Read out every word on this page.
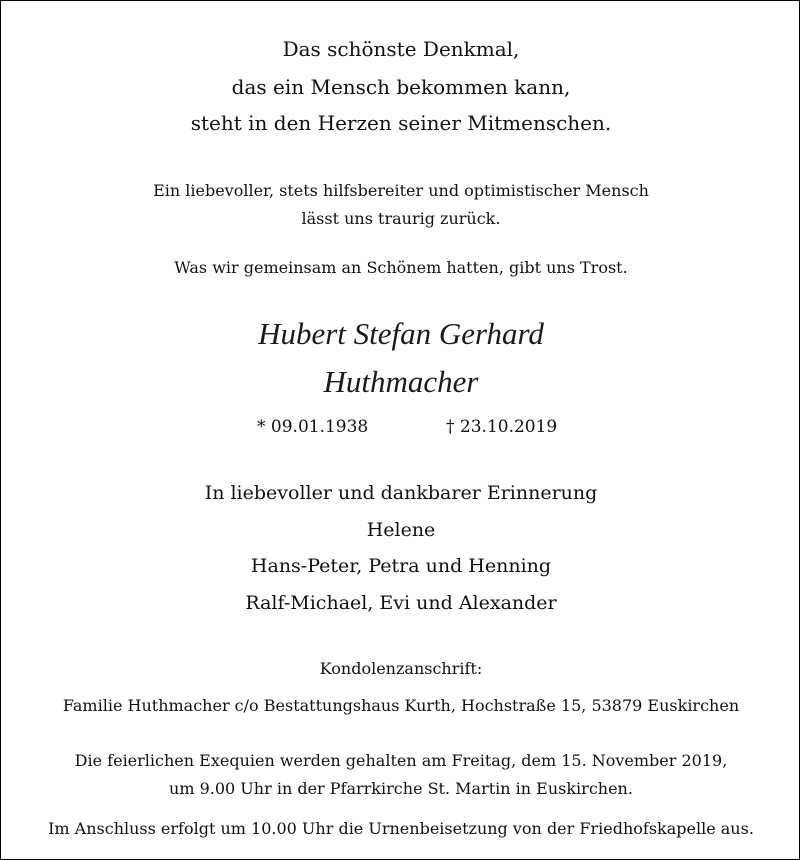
Das schönste Denkmal,
das ein Mensch bekommen kann,
steht in den Herzen seiner Mitmenschen.
Ein liebevoller, stets hilfsbereiter und optimistischer Mensch
lässt uns traurig zurück.
Was wir gemeinsam an Schönem hatten, gibt uns Trost.
Hubert Stefan Gerhard
Huthmacher
* 09.01.1938	† 23.10.2019
In liebevoller und dankbarer Erinnerung
Helene
Hans-Peter, Petra und Henning
Ralf-Michael, Evi und Alexander
Kondolenzanschrift:
Familie Huthmacher c/o Bestattungshaus Kurth, Hochstraße 15, 53879 Euskirchen
Die feierlichen Exequien werden gehalten am Freitag, dem 15. November 2019,
um 9.00 Uhr in der Pfarrkirche St. Martin in Euskirchen.
Im Anschluss erfolgt um 10.00 Uhr die Urnenbeisetzung von der Friedhofskapelle aus.
